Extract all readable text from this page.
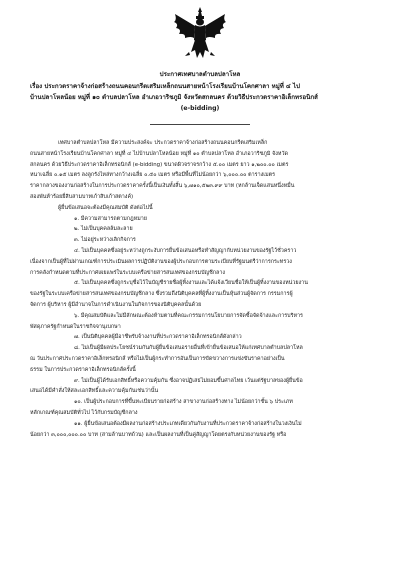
ประกาศเทศบาลตำบลปลาโหล
เรื่อง ประกวดราคาจ้างก่อสร้างถนนคอนกรีตเสริมเหล็กถนนสายหน้าโรงเรียนบ้านโคกศาลา หมู่ที่ ๔ ไป
บ้านปลาโหลน้อย หมู่ที่ ๑๐ ตำบลปลาโหล อำเภอวาริชภูมิ จังหวัดสกลนคร ด้วยวิธีประกวดราคาอิเล็กทรอนิกส์
(e-bidding)

เทศบาลตำบลปลาโหล มีความประสงค์จะ ประกวดราคาจ้างก่อสร้างถนนคอนกรีตเสริมเหล็ก

ถนนสายหน้าโรงเรียนบ้านโคกศาลา หมู่ที่ ๔ ไปบ้านปลาโหลน้อย หมู่ที่ ๑๐ ตำบลปลาโหล อำเภอวาริชภูมิ จังหวัด

สกลนคร ด้วยวิธีประกวดราคาอิเล็กทรอนิกส์ (e-bidding) ขนาดผิวจราจรกว้าง ๕.๐๐ เมตร ยาว ๑,๒๐๐.๐๐ เมตร

หนาเฉลี่ย ๐.๑๕ เมตร ลงลูกรังไหล่ทางกว้างเฉลี่ย ๐.๕๐ เมตร หรือมีพื้นที่ไม่น้อยกว่า ๖,๐๐๐.๐๐ ตารางเมตร

ราคากลางของงานก่อสร้างในการประกวดราคาครั้งนี้เป็นเงินทั้งสิ้น ๖,๗๑๐,๕๒๓.๙๙ บาท (หกล้านเจ็ดแสนหนึ่งหมื่น

สองพันห้าร้อยยี่สิบสามบาทเก้าสิบเก้าสตางค์)

ผู้ยื่นข้อเสนอจะต้องมีคุณสมบัติ ดังต่อไปนี้

๑. มีความสามารถตามกฎหมาย

๒. ไม่เป็นบุคคลล้มละลาย

๓. ไม่อยู่ระหว่างเลิกกิจการ

๔. ไม่เป็นบุคคลซึ่งอยู่ระหว่างถูกระงับการยื่นข้อเสนอหรือทำสัญญากับหน่วยงานของรัฐไว้ชั่วคราว

เนื่องจากเป็นผู้ที่ไม่ผ่านเกณฑ์การประเมินผลการปฏิบัติงานของผู้ประกอบการตามระเบียบที่รัฐมนตรีว่าการกระทรวง

การคลังกำหนดตามที่ประกาศเผยแพร่ในระบบเครือข่ายสารสนเทศของกรมบัญชีกลาง

๕. ไม่เป็นบุคคลซึ่งถูกระบุชื่อไว้ในบัญชีรายชื่อผู้ทิ้งงานและได้แจ้งเวียนชื่อให้เป็นผู้ทิ้งงานของหน่วยงาน

ของรัฐในระบบเครือข่ายสารสนเทศของกรมบัญชีกลาง ซึ่งรวมถึงนิติบุคคลที่ผู้ทิ้งงานเป็นหุ้นส่วนผู้จัดการ กรรมการผู้

จัดการ ผู้บริหาร ผู้มีอำนาจในการดำเนินงานในกิจการของนิติบุคคลนั้นด้วย

๖. มีคุณสมบัติและไม่มีลักษณะต้องห้ามตามที่คณะกรรมการนโยบายการจัดซื้อจัดจ้างและการบริหาร

พัสดุภาครัฐกำหนดในราชกิจจานุเบกษา

๗. เป็นนิติบุคคลผู้มีอาชีพรับจ้างงานที่ประกวดราคาอิเล็กทรอนิกส์ดังกล่าว

๘. ไม่เป็นผู้มีผลประโยชน์ร่วมกันกับผู้ยื่นข้อเสนอรายอื่นที่เข้ายื่นข้อเสนอให้แก่เทศบาลตำบลปลาโหล

ณ วันประกาศประกวดราคาอิเล็กทรอนิกส์ หรือไม่เป็นผู้กระทำการอันเป็นการขัดขวางการแข่งขันราคาอย่างเป็น

ธรรม ในการประกวดราคาอิเล็กทรอนิกส์ครั้งนี้

๙. ไม่เป็นผู้ได้รับเอกสิทธิ์หรือความคุ้มกัน ซึ่งอาจปฏิเสธไม่ยอมขึ้นศาลไทย เว้นแต่รัฐบาลของผู้ยื่นข้อ

เสนอได้มีคำสั่งให้สละเอกสิทธิ์และความคุ้มกันเช่นว่านั้น

๑๐. เป็นผู้ประกอบการที่ขึ้นทะเบียนรายก่อสร้าง สาขางานก่อสร้างทาง ไม่น้อยกว่าชั้น ๖ ประเภท

หลักเกณฑ์คุณสมบัติทั่วไป ไว้กับกรมบัญชีกลาง

๑๑. ผู้ยื่นข้อเสนอต้องมีผลงานก่อสร้างประเภทเดียวกันกับงานที่ประกวดราคาจ้างก่อสร้างในวงเงินไม่

น้อยกว่า ๓,๐๐๐,๐๐๐.๐๐ บาท (สามล้านบาทถ้วน) และเป็นผลงานที่เป็นคู่สัญญาโดยตรงกับหน่วยงานของรัฐ หรือ
